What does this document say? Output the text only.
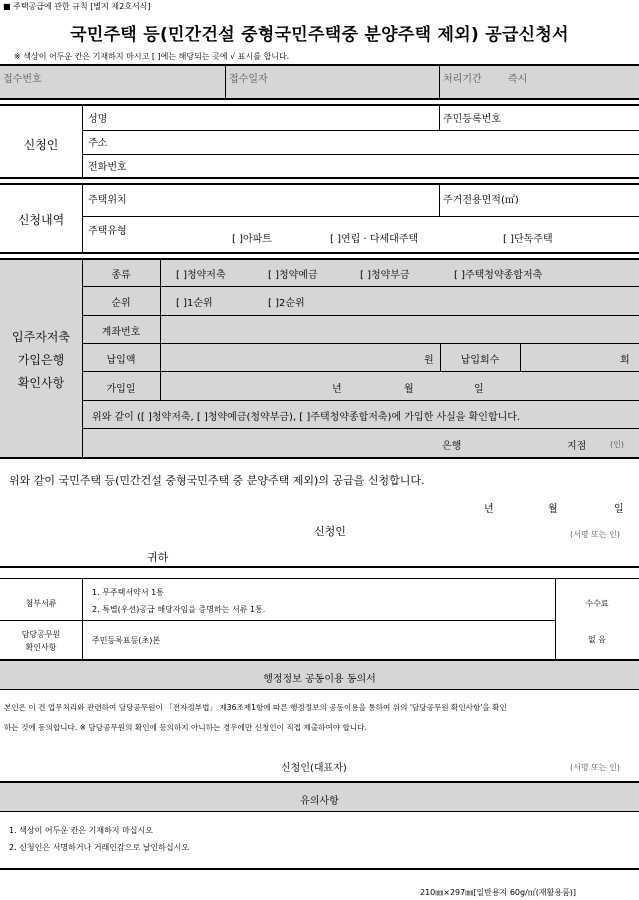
■ 주택공급에 관한 규칙 [별지 제2호서식]
국민주택 등(민간건설 중형국민주택중 분양주택 제외) 공급신청서
※ 색상이 어두운 칸은 기재하지 마시고 [ ]에는 해당되는 곳에 √ 표시를 합니다.
접수번호	접수일자	처리기간	즉시
신청인
성명	주민등록번호
주소
전화번호
신청내역
주택위치	주거전용면적(㎡)
주택유형
[ ]아파트	[ ]연립 · 다세대주택	[ ]단독주택
입주자저축
가입은행
확인사항
종류	[ ]청약저축	[ ]청약예금	[ ]청약부금	[ ]주택청약종합저축
순위	[ ]1순위	[ ]2순위
계좌번호
납입액	원	납입회수	회
가입일	년	월	일
위와 같이 ([ ]청약저축, [ ]청약예금(청약부금), [ ]주택청약종합저축)에 가입한 사실을 확인합니다.
은행	지점	(인)
위와 같이 국민주택 등(민간건설 중형국민주택 중 분양주택 제외)의 공급을 신청합니다.
년	월	일
신청인	(서명 또는 인)
귀하
첨부서류
1. 무주택서약서 1통
2. 특별(우선)공급 해당자임을 증명하는 서류 1통.
수수료
담당공무원
확인사항
주민등록표등(초)본	없 음
행정정보 공동이용 동의서
본인은 이 건 업무처리와 관련하여 담당공무원이 「전자정부법」 제36조제1항에 따른 행정정보의 공동이용을 통하여 위의 '담당공무원 확인사항'을 확인
하는 것에 동의합니다. ※ 담당공무원의 확인에 동의하지 아니하는 경우에만 신청인이 직접 제출하여야 합니다.
신청인(대표자)	(서명 또는 인)
유의사항
1. 색상이 어두운 칸은 기재하지 마십시오
2. 신청인은 서명하거나 거래인감으로 날인하십시오
210㎜×297㎜[일반용지 60g/㎡(재활용품)]
